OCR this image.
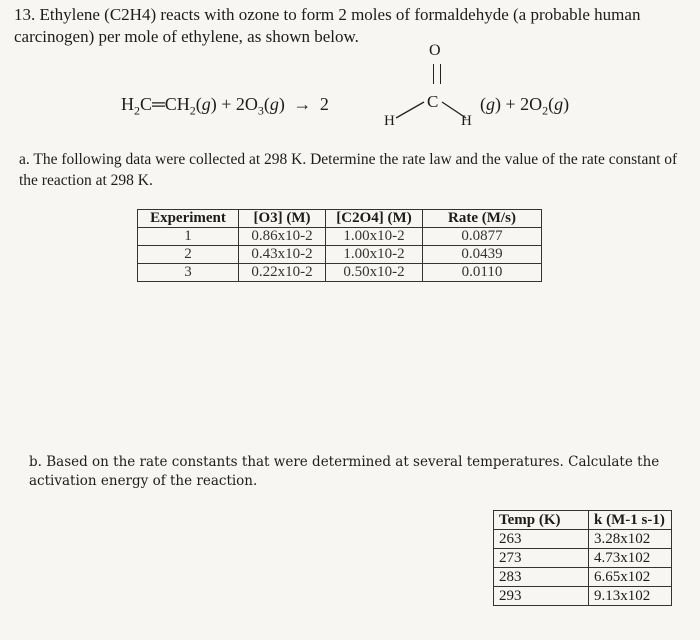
13. Ethylene (C2H4) reacts with ozone to form 2 moles of formaldehyde (a probable human carcinogen) per mole of ethylene, as shown below.
$H_2C═CH_2(g) + 2O_3(g) \to 2$
O
C
H	H
$(g) + 2O_2(g)$
a. The following data were collected at 298 K. Determine the rate law and the value of the rate constant of the reaction at 298 K.
Experiment	[O3] (M)	[C2O4] (M)	Rate (M/s)
1	0.86x10-2	1.00x10-2	0.0877
2	0.43x10-2	1.00x10-2	0.0439
3	0.22x10-2	0.50x10-2	0.0110
b. Based on the rate constants that were determined at several temperatures. Calculate the activation energy of the reaction.
Temp (K)	k (M-1 s-1)
263	3.28x102
273	4.73x102
283	6.65x102
293	9.13x102
